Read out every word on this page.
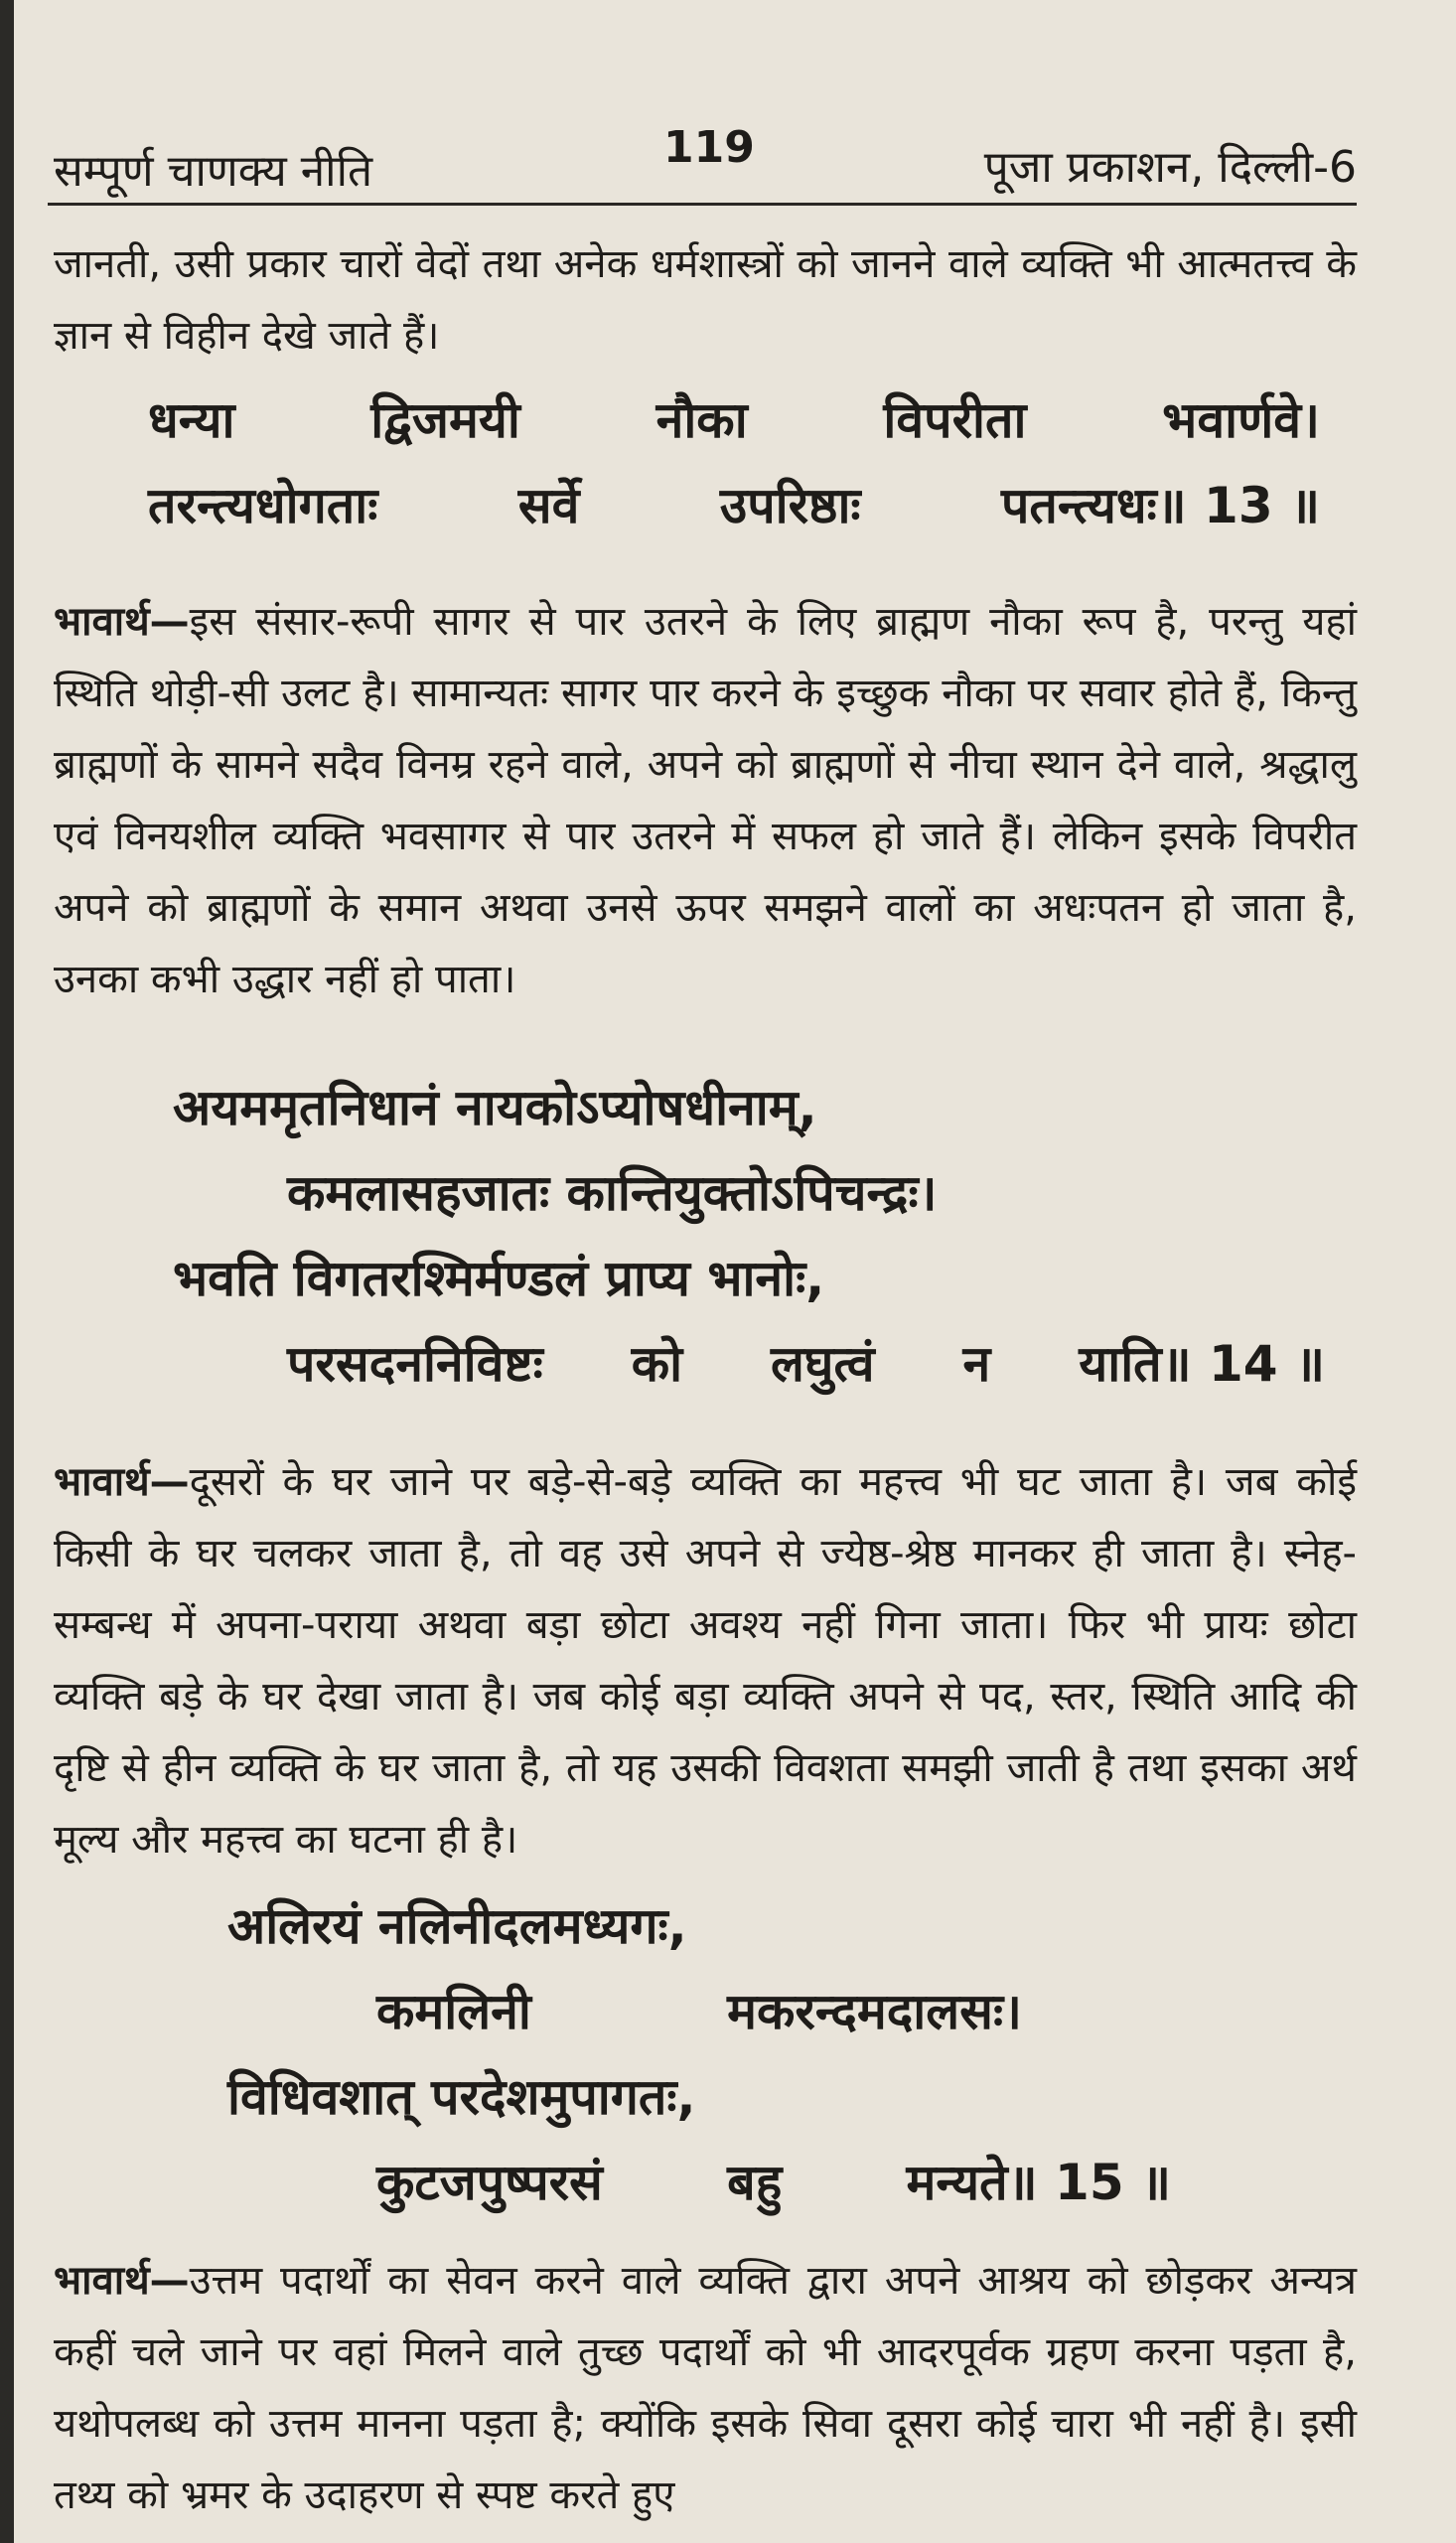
सम्पूर्ण चाणक्य नीति	119	पूजा प्रकाशन, दिल्ली-6

जानती, उसी प्रकार चारों वेदों तथा अनेक धर्मशास्त्रों को जानने वाले व्यक्ति भी आत्मतत्त्व के ज्ञान से विहीन देखे जाते हैं।

धन्या	द्विजमयी	नौका	विपरीता	भवार्णवे।
तरन्त्यधोगताः	सर्वे	उपरिष्ठाः	पतन्त्यधः॥ 13 ॥

भावार्थ—इस संसार-रूपी सागर से पार उतरने के लिए ब्राह्मण नौका रूप है, परन्तु यहां स्थिति थोड़ी-सी उलट है। सामान्यतः सागर पार करने के इच्छुक नौका पर सवार होते हैं, किन्तु ब्राह्मणों के सामने सदैव विनम्र रहने वाले, अपने को ब्राह्मणों से नीचा स्थान देने वाले, श्रद्धालु एवं विनयशील व्यक्ति भवसागर से पार उतरने में सफल हो जाते हैं। लेकिन इसके विपरीत अपने को ब्राह्मणों के समान अथवा उनसे ऊपर समझने वालों का अधःपतन हो जाता है, उनका कभी उद्धार नहीं हो पाता।

अयममृतनिधानं नायकोऽप्योषधीनाम्,
कमलासहजातः कान्तियुक्तोऽपिचन्द्रः।
भवति विगतरश्मिर्मण्डलं प्राप्य भानोः,
परसदननिविष्टः को लघुत्वं न याति॥ 14 ॥

भावार्थ—दूसरों के घर जाने पर बड़े-से-बड़े व्यक्ति का महत्त्व भी घट जाता है। जब कोई किसी के घर चलकर जाता है, तो वह उसे अपने से ज्येष्ठ-श्रेष्ठ मानकर ही जाता है। स्नेह-सम्बन्ध में अपना-पराया अथवा बड़ा छोटा अवश्य नहीं गिना जाता। फिर भी प्रायः छोटा व्यक्ति बड़े के घर देखा जाता है। जब कोई बड़ा व्यक्ति अपने से पद, स्तर, स्थिति आदि की दृष्टि से हीन व्यक्ति के घर जाता है, तो यह उसकी विवशता समझी जाती है तथा इसका अर्थ मूल्य और महत्त्व का घटना ही है।

अलिरयं नलिनीदलमध्यगः,
कमलिनी	मकरन्दमदालसः।
विधिवशात् परदेशमुपागतः,
कुटजपुष्परसं	बहु	मन्यते॥ 15 ॥

भावार्थ—उत्तम पदार्थों का सेवन करने वाले व्यक्ति द्वारा अपने आश्रय को छोड़कर अन्यत्र कहीं चले जाने पर वहां मिलने वाले तुच्छ पदार्थों को भी आदरपूर्वक ग्रहण करना पड़ता है, यथोपलब्ध को उत्तम मानना पड़ता है; क्योंकि इसके सिवा दूसरा कोई चारा भी नहीं है। इसी तथ्य को भ्रमर के उदाहरण से स्पष्ट करते हुए
